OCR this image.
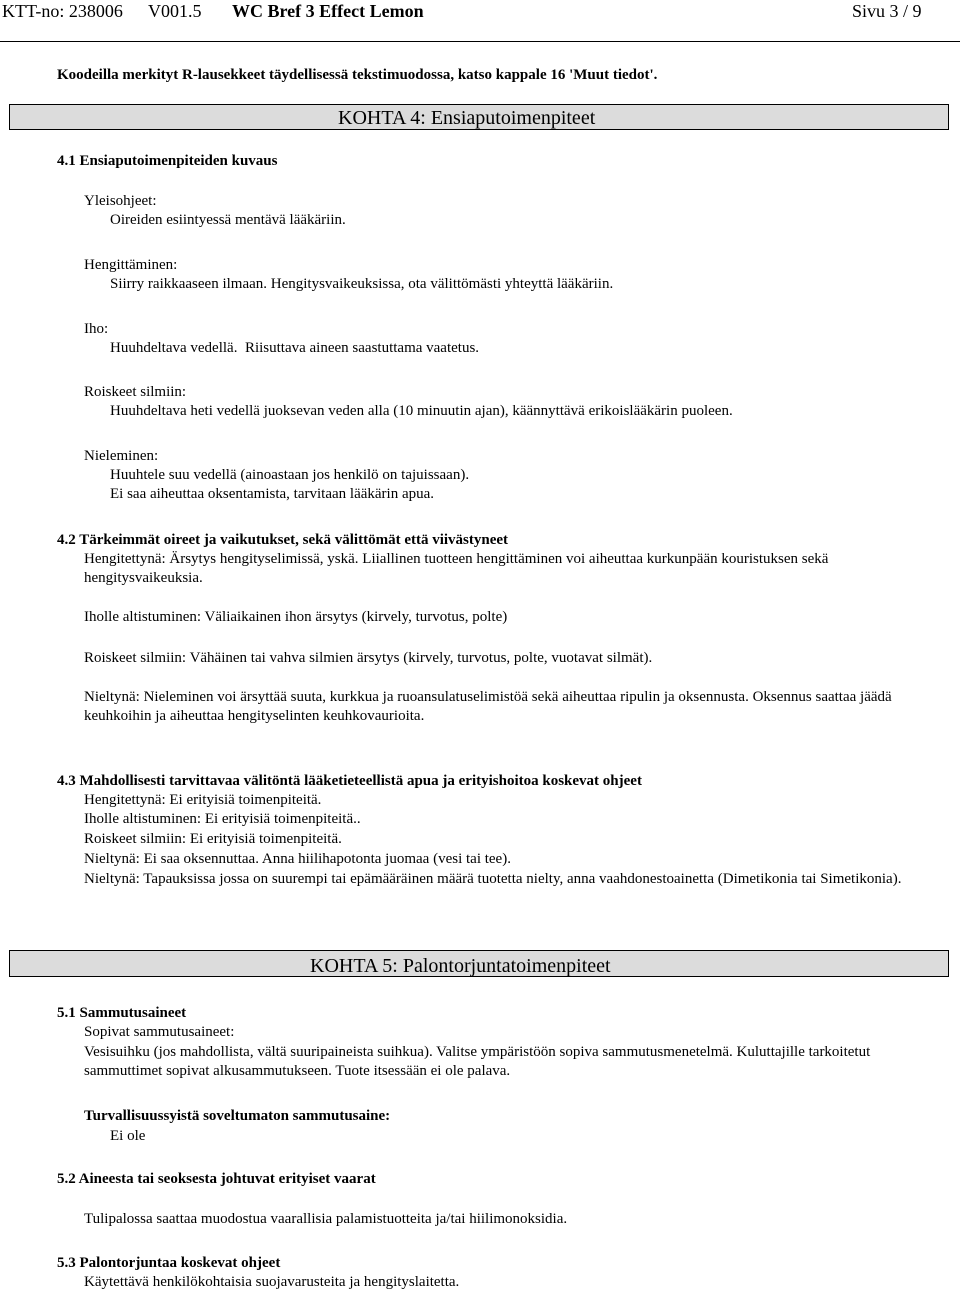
KTT-no: 238006 V001.5 WC Bref 3 Effect Lemon	Sivu 3 / 9
Koodeilla merkityt R-lausekkeet täydellisessä tekstimuodossa, katso kappale 16 'Muut tiedot'.
KOHTA 4: Ensiaputoimenpiteet
4.1 Ensiaputoimenpiteiden kuvaus
Yleisohjeet:
Oireiden esiintyessä mentävä lääkäriin.
Hengittäminen:
Siirry raikkaaseen ilmaan. Hengitysvaikeuksissa, ota välittömästi yhteyttä lääkäriin.
Iho:
Huuhdeltava vedellä.  Riisuttava aineen saastuttama vaatetus.
Roiskeet silmiin:
Huuhdeltava heti vedellä juoksevan veden alla (10 minuutin ajan), käännyttävä erikoislääkärin puoleen.
Nieleminen:
Huuhtele suu vedellä (ainoastaan jos henkilö on tajuissaan).
Ei saa aiheuttaa oksentamista, tarvitaan lääkärin apua.
4.2 Tärkeimmät oireet ja vaikutukset, sekä välittömät että viivästyneet
Hengitettynä: Ärsytys hengityselimissä, yskä. Liiallinen tuotteen hengittäminen voi aiheuttaa kurkunpään kouristuksen sekä hengitysvaikeuksia.
Iholle altistuminen: Väliaikainen ihon ärsytys (kirvely, turvotus, polte)
Roiskeet silmiin: Vähäinen tai vahva silmien ärsytys (kirvely, turvotus, polte, vuotavat silmät).
Nieltynä: Nieleminen voi ärsyttää suuta, kurkkua ja ruoansulatuselimistöä sekä aiheuttaa ripulin ja oksennusta. Oksennus saattaa jäädä keuhkoihin ja aiheuttaa hengityselinten keuhkovaurioita.
4.3 Mahdollisesti tarvittavaa välitöntä lääketieteellistä apua ja erityishoitoa koskevat ohjeet
Hengitettynä: Ei erityisiä toimenpiteitä.
Iholle altistuminen: Ei erityisiä toimenpiteitä..
Roiskeet silmiin: Ei erityisiä toimenpiteitä.
Nieltynä: Ei saa oksennuttaa. Anna hiilihapotonta juomaa (vesi tai tee).
Nieltynä: Tapauksissa jossa on suurempi tai epämääräinen määrä tuotetta nielty, anna vaahdonestoainetta (Dimetikonia tai Simetikonia).
KOHTA 5: Palontorjuntatoimenpiteet
5.1 Sammutusaineet
Sopivat sammutusaineet:
Vesisuihku (jos mahdollista, vältä suuripaineista suihkua). Valitse ympäristöön sopiva sammutusmenetelmä. Kuluttajille tarkoitetut sammuttimet sopivat alkusammutukseen. Tuote itsessään ei ole palava.
Turvallisuussyistä soveltumaton sammutusaine:
Ei ole
5.2 Aineesta tai seoksesta johtuvat erityiset vaarat
Tulipalossa saattaa muodostua vaarallisia palamistuotteita ja/tai hiilimonoksidia.
5.3 Palontorjuntaa koskevat ohjeet
Käytettävä henkilökohtaisia suojavarusteita ja hengityslaitetta.
